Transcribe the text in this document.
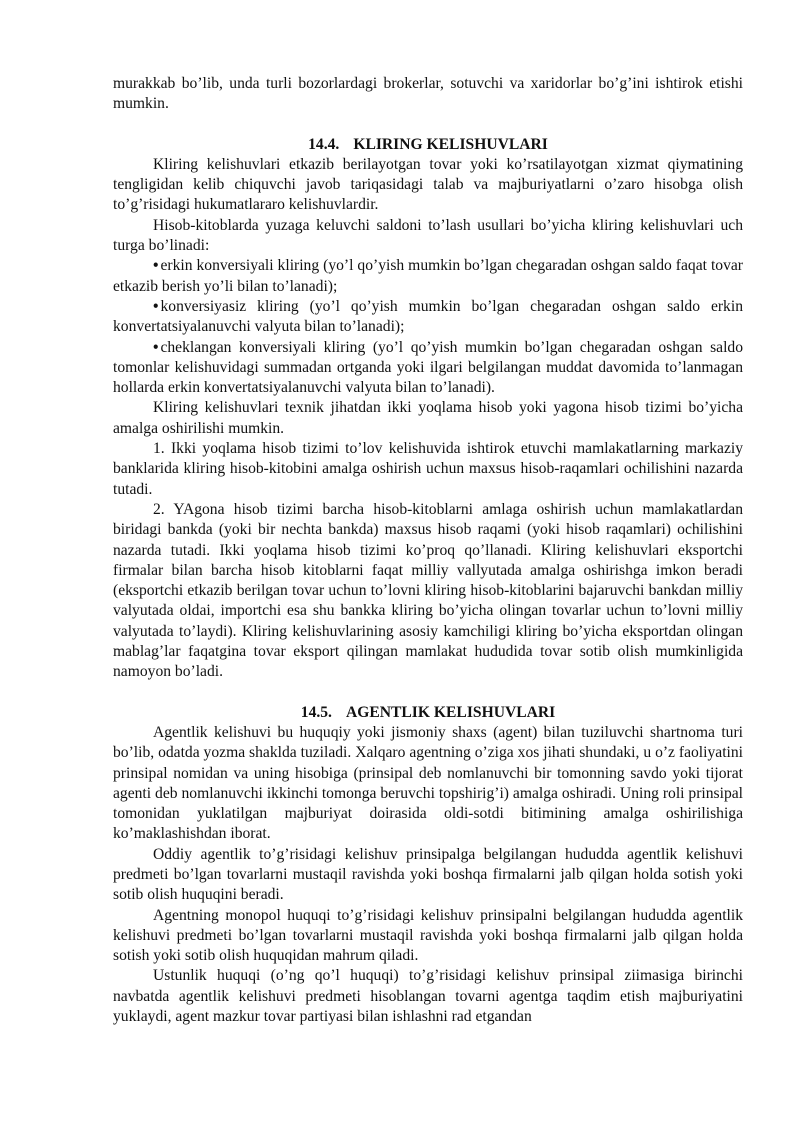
murakkab bo’lib, unda turli bozorlardagi brokerlar, sotuvchi va xaridorlar bo’g’ini ishtirok etishi mumkin.

14.4. KLIRING KELISHUVLARI

Kliring kelishuvlari etkazib berilayotgan tovar yoki ko’rsatilayotgan xizmat qiymatining tengligidan kelib chiquvchi javob tariqasidagi talab va majburiyatlarni o’zaro hisobga olish to’g’risidagi hukumatlararo kelishuvlardir.

Hisob-kitoblarda yuzaga keluvchi saldoni to’lash usullari bo’yicha kliring kelishuvlari uch turga bo’linadi:

• erkin konversiyali kliring (yo’l qo’yish mumkin bo’lgan chegaradan oshgan saldo faqat tovar etkazib berish yo’li bilan to’lanadi);

• konversiyasiz kliring (yo’l qo’yish mumkin bo’lgan chegaradan oshgan saldo erkin konvertatsiyalanuvchi valyuta bilan to’lanadi);

• cheklangan konversiyali kliring (yo’l qo’yish mumkin bo’lgan chegaradan oshgan saldo tomonlar kelishuvidagi summadan ortganda yoki ilgari belgilangan muddat davomida to’lanmagan hollarda erkin konvertatsiyalanuvchi valyuta bilan to’lanadi).

Kliring kelishuvlari texnik jihatdan ikki yoqlama hisob yoki yagona hisob tizimi bo’yicha amalga oshirilishi mumkin.

1. Ikki yoqlama hisob tizimi to’lov kelishuvida ishtirok etuvchi mamlakatlarning markaziy banklarida kliring hisob-kitobini amalga oshirish uchun maxsus hisob-raqamlari ochilishini nazarda tutadi.

2. YAgona hisob tizimi barcha hisob-kitoblarni amlaga oshirish uchun mamlakatlardan biridagi bankda (yoki bir nechta bankda) maxsus hisob raqami (yoki hisob raqamlari) ochilishini nazarda tutadi. Ikki yoqlama hisob tizimi ko’proq qo’llanadi. Kliring kelishuvlari eksportchi firmalar bilan barcha hisob kitoblarni faqat milliy vallyutada amalga oshirishga imkon beradi (eksportchi etkazib berilgan tovar uchun to’lovni kliring hisob-kitoblarini bajaruvchi bankdan milliy valyutada oldai, importchi esa shu bankka kliring bo’yicha olingan tovarlar uchun to’lovni milliy valyutada to’laydi). Kliring kelishuvlarining asosiy kamchiligi kliring bo’yicha eksportdan olingan mablag’lar faqatgina tovar eksport qilingan mamlakat hududida tovar sotib olish mumkinligida namoyon bo’ladi.

14.5. AGENTLIK KELISHUVLARI

Agentlik kelishuvi bu huquqiy yoki jismoniy shaxs (agent) bilan tuziluvchi shartnoma turi bo’lib, odatda yozma shaklda tuziladi. Xalqaro agentning o’ziga xos jihati shundaki, u o’z faoliyatini prinsipal nomidan va uning hisobiga (prinsipal deb nomlanuvchi bir tomonning savdo yoki tijorat agenti deb nomlanuvchi ikkinchi tomonga beruvchi topshirig’i) amalga oshiradi. Uning roli prinsipal tomonidan yuklatilgan majburiyat doirasida oldi-sotdi bitimining amalga oshirilishiga ko’maklashishdan iborat.

Oddiy agentlik to’g’risidagi kelishuv prinsipalga belgilangan hududda agentlik kelishuvi predmeti bo’lgan tovarlarni mustaqil ravishda yoki boshqa firmalarni jalb qilgan holda sotish yoki sotib olish huquqini beradi.

Agentning monopol huquqi to’g’risidagi kelishuv prinsipalni belgilangan hududda agentlik kelishuvi predmeti bo’lgan tovarlarni mustaqil ravishda yoki boshqa firmalarni jalb qilgan holda sotish yoki sotib olish huquqidan mahrum qiladi.

Ustunlik huquqi (o’ng qo’l huquqi) to’g’risidagi kelishuv prinsipal ziimasiga birinchi navbatda agentlik kelishuvi predmeti hisoblangan tovarni agentga taqdim etish majburiyatini yuklaydi, agent mazkur tovar partiyasi bilan ishlashni rad etgandan
